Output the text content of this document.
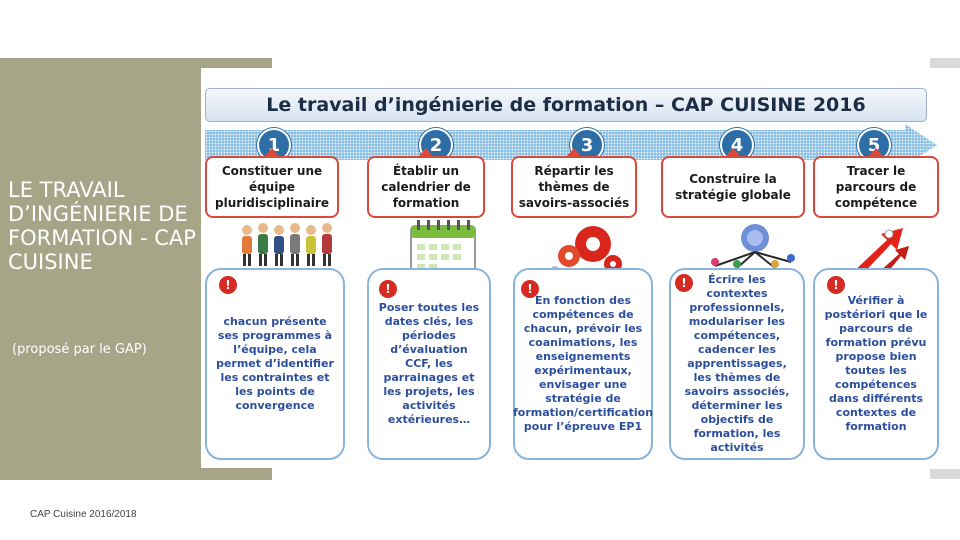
LE TRAVAIL D’INGÉNIERIE DE FORMATION - CAP CUISINE

(proposé par le GAP)

CAP Cuisine 2016/2018
Le travail d’ingénierie de formation – CAP CUISINE 2016
1	2	3	4	5
Constituer une équipe pluridisciplinaire
Établir un calendrier de formation
Répartir les thèmes de savoirs-associés
Construire la stratégie globale
Tracer le parcours de compétence
chacun présente ses programmes à l’équipe, cela permet d’identifier les contraintes et les points de convergence
Poser toutes les dates clés, les périodes d’évaluation CCF, les parrainages et les projets, les activités extérieures…
En fonction des compétences de chacun, prévoir les coanimations, les enseignements expérimentaux, envisager une stratégie de formation/certification pour l’épreuve EP1
Écrire les contextes professionnels, modulariser les compétences, cadencer les apprentissages, les thèmes de savoirs associés, déterminer les objectifs de formation, les activités
Vérifier à postériori que le parcours de formation prévu propose bien toutes les compétences dans différents contextes de formation
!	!	!	!	!
